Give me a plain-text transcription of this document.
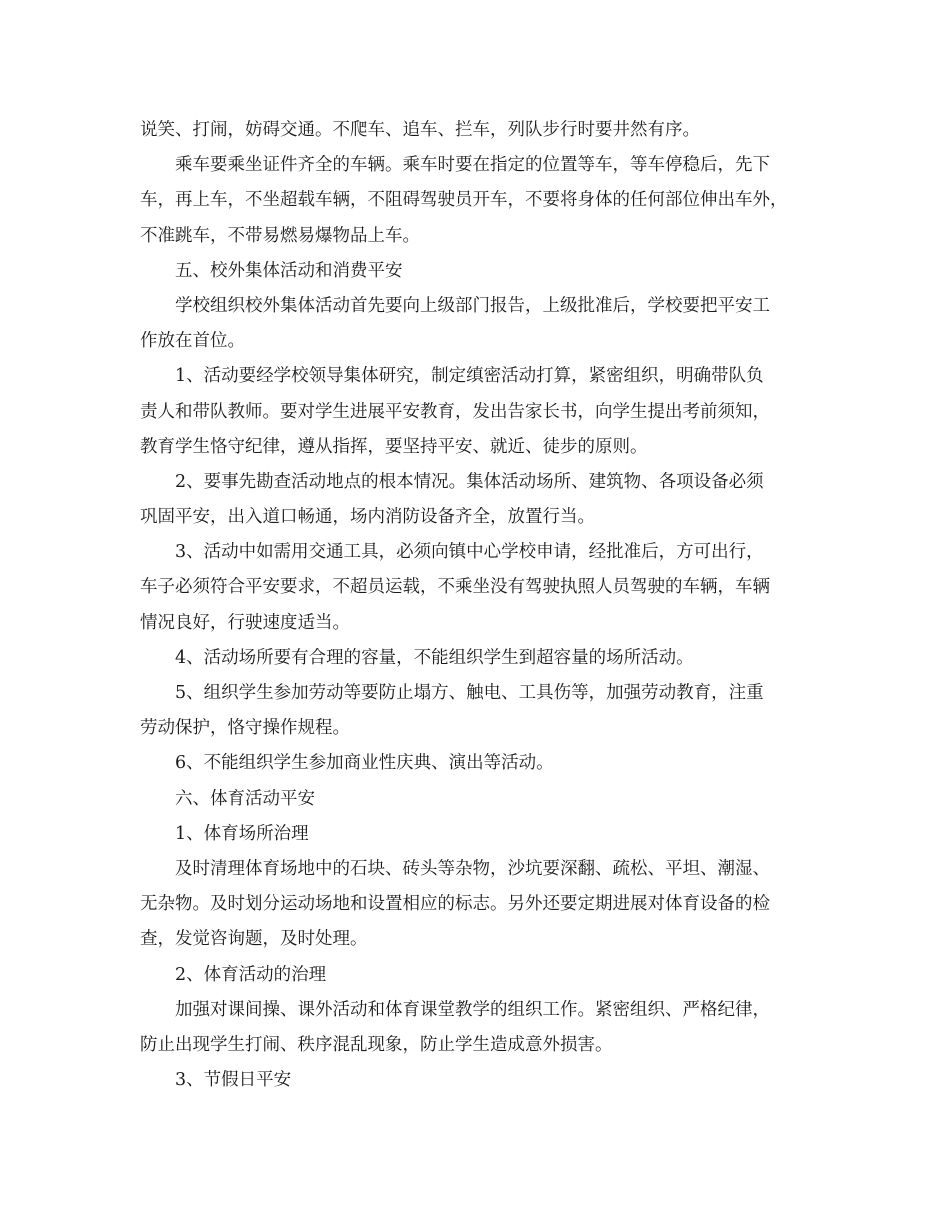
说笑、打闹，妨碍交通。不爬车、追车、拦车，列队步行时要井然有序。

乘车要乘坐证件齐全的车辆。乘车时要在指定的位置等车，等车停稳后，先下

车，再上车，不坐超载车辆，不阻碍驾驶员开车，不要将身体的任何部位伸出车外，

不准跳车，不带易燃易爆物品上车。

五、校外集体活动和消费平安

学校组织校外集体活动首先要向上级部门报告，上级批准后，学校要把平安工

作放在首位。

1、活动要经学校领导集体研究，制定缜密活动打算，紧密组织，明确带队负

责人和带队教师。要对学生进展平安教育，发出告家长书，向学生提出考前须知，

教育学生恪守纪律，遵从指挥，要坚持平安、就近、徒步的原则。

2、要事先勘查活动地点的根本情况。集体活动场所、建筑物、各项设备必须

巩固平安，出入道口畅通，场内消防设备齐全，放置行当。

3、活动中如需用交通工具，必须向镇中心学校申请，经批准后，方可出行，

车子必须符合平安要求，不超员运载，不乘坐没有驾驶执照人员驾驶的车辆，车辆

情况良好，行驶速度适当。

4、活动场所要有合理的容量，不能组织学生到超容量的场所活动。

5、组织学生参加劳动等要防止塌方、触电、工具伤等，加强劳动教育，注重

劳动保护，恪守操作规程。

6、不能组织学生参加商业性庆典、演出等活动。

六、体育活动平安

1、体育场所治理

及时清理体育场地中的石块、砖头等杂物，沙坑要深翻、疏松、平坦、潮湿、

无杂物。及时划分运动场地和设置相应的标志。另外还要定期进展对体育设备的检

查，发觉咨询题，及时处理。

2、体育活动的治理

加强对课间操、课外活动和体育课堂教学的组织工作。紧密组织、严格纪律，

防止出现学生打闹、秩序混乱现象，防止学生造成意外损害。

3、节假日平安
